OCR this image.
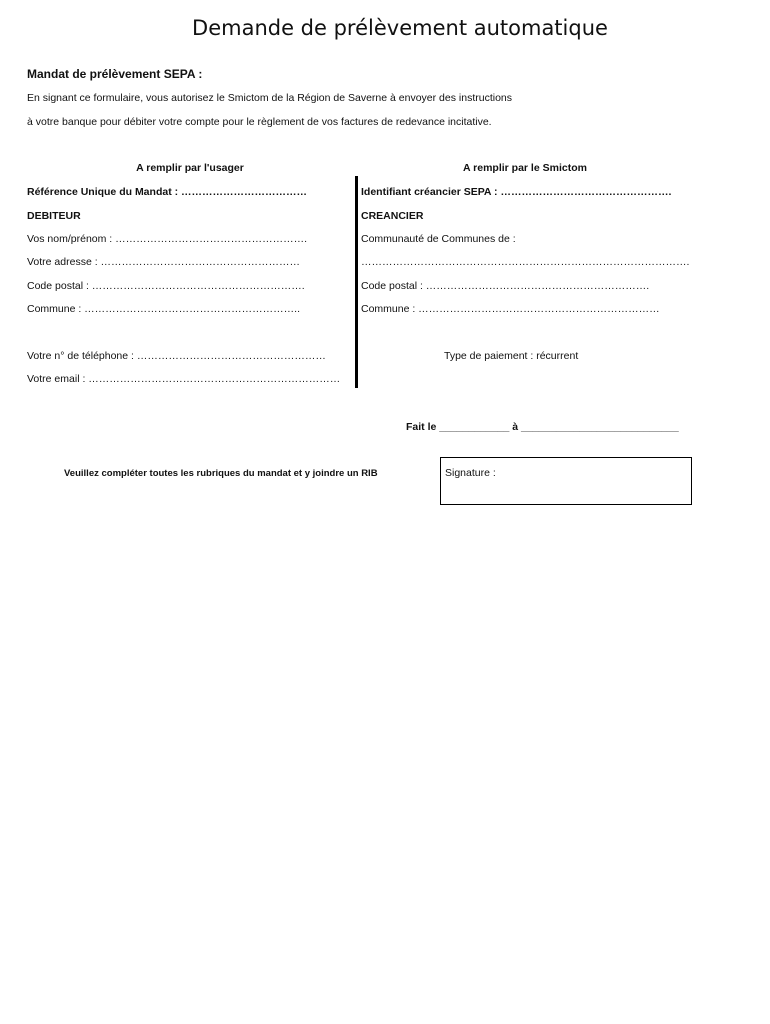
Demande de prélèvement automatique
Mandat de prélèvement SEPA :
En signant ce formulaire, vous autorisez le Smictom de la Région de Saverne à envoyer des instructions
à votre banque pour débiter votre compte pour le règlement de vos factures de redevance incitative.
A remplir par l'usager	A remplir par le Smictom
Référence Unique du Mandat : ………………………………
DEBITEUR
Vos nom/prénom : ……………………………………………….
Votre adresse : …………………………………………………
Code postal : …………………………………………………….
Commune : ……………………………………………………..
Votre n° de téléphone : ………………………………………………
Votre email : ………………………………………………………………
Identifiant créancier SEPA : ………………………………………….
CREANCIER
Communauté de Communes de :
………………………………………………………………………………….
Code postal : ……………………………………………………….
Commune : ……………………………………………………………
Type de paiement : récurrent
Fait le ____________ à ___________________________
Veuillez compléter toutes les rubriques du mandat et y joindre un RIB	Signature :
